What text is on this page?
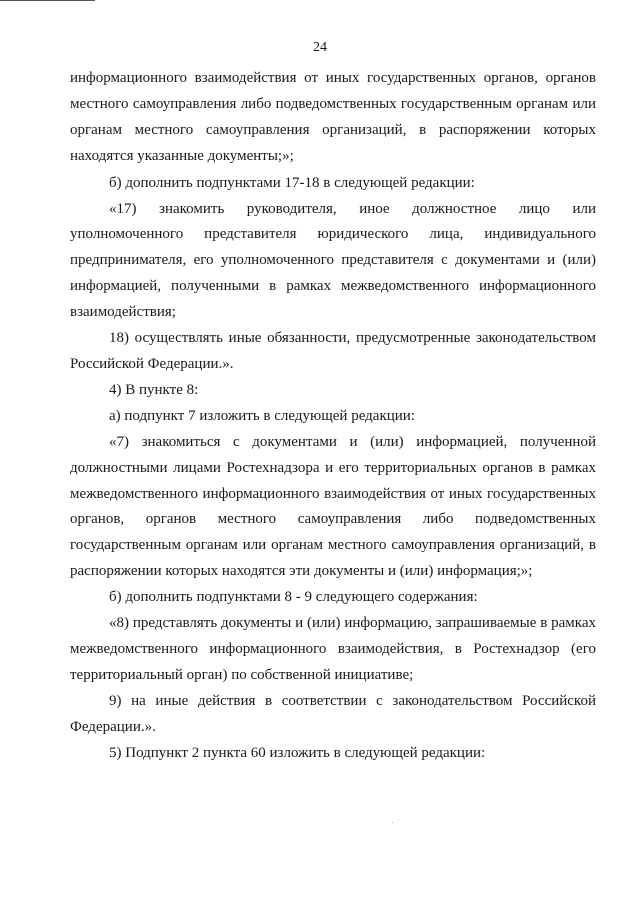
24

информационного взаимодействия от иных государственных органов, органов местного самоуправления либо подведомственных государственным органам или органам местного самоуправления организаций, в распоряжении которых находятся указанные документы;»;

б) дополнить подпунктами 17-18 в следующей редакции:

«17) знакомить руководителя, иное должностное лицо или уполномоченного представителя юридического лица, индивидуального предпринимателя, его уполномоченного представителя с документами и (или) информацией, полученными в рамках межведомственного информационного взаимодействия;

18) осуществлять иные обязанности, предусмотренные законодательством Российской Федерации.».

4) В пункте 8:

а) подпункт 7 изложить в следующей редакции:

«7) знакомиться с документами и (или) информацией, полученной должностными лицами Ростехнадзора и его территориальных органов в рамках межведомственного информационного взаимодействия от иных государственных органов, органов местного самоуправления либо подведомственных государственным органам или органам местного самоуправления организаций, в распоряжении которых находятся эти документы и (или) информация;»;

б) дополнить подпунктами 8 - 9 следующего содержания:

«8) представлять документы и (или) информацию, запрашиваемые в рамках межведомственного информационного взаимодействия, в Ростехнадзор (его территориальный орган) по собственной инициативе;

9) на иные действия в соответствии с законодательством Российской Федерации.».

5) Подпункт 2 пункта 60 изложить в следующей редакции:
